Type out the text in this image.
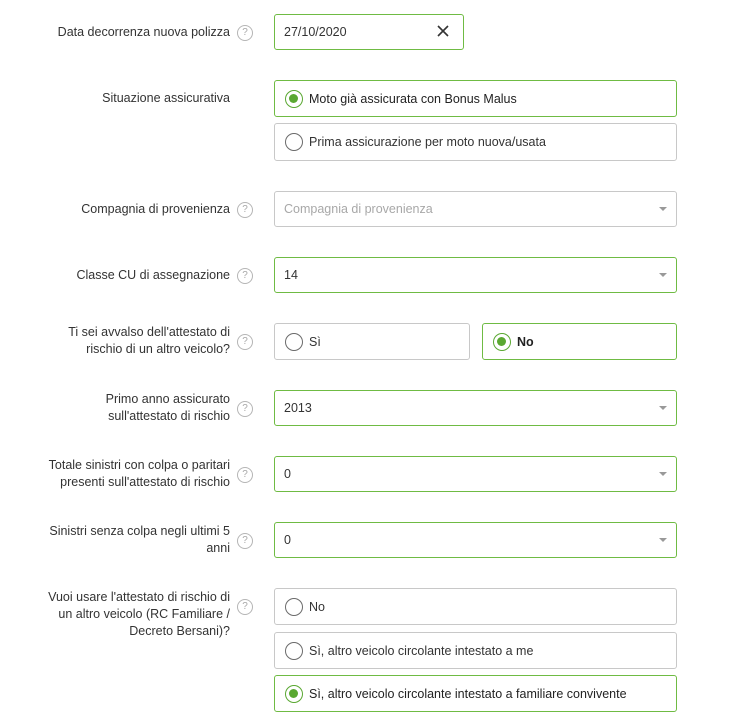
Data decorrenza nuova polizza	?	27/10/2020
Situazione assicurativa	Moto già assicurata con Bonus Malus
Prima assicurazione per moto nuova/usata
Compagnia di provenienza	?	Compagnia di provenienza
Classe CU di assegnazione	?	14
Ti sei avvalso dell'attestato di
rischio di un altro veicolo?
?	Sì	No
Primo anno assicurato
sull'attestato di rischio
?	2013
Totale sinistri con colpa o paritari
presenti sull'attestato di rischio
?	0
Sinistri senza colpa negli ultimi 5
anni
?	0
Vuoi usare l'attestato di rischio di
un altro veicolo (RC Familiare /
Decreto Bersani)?
?	No
Sì, altro veicolo circolante intestato a me
Sì, altro veicolo circolante intestato a familiare convivente
